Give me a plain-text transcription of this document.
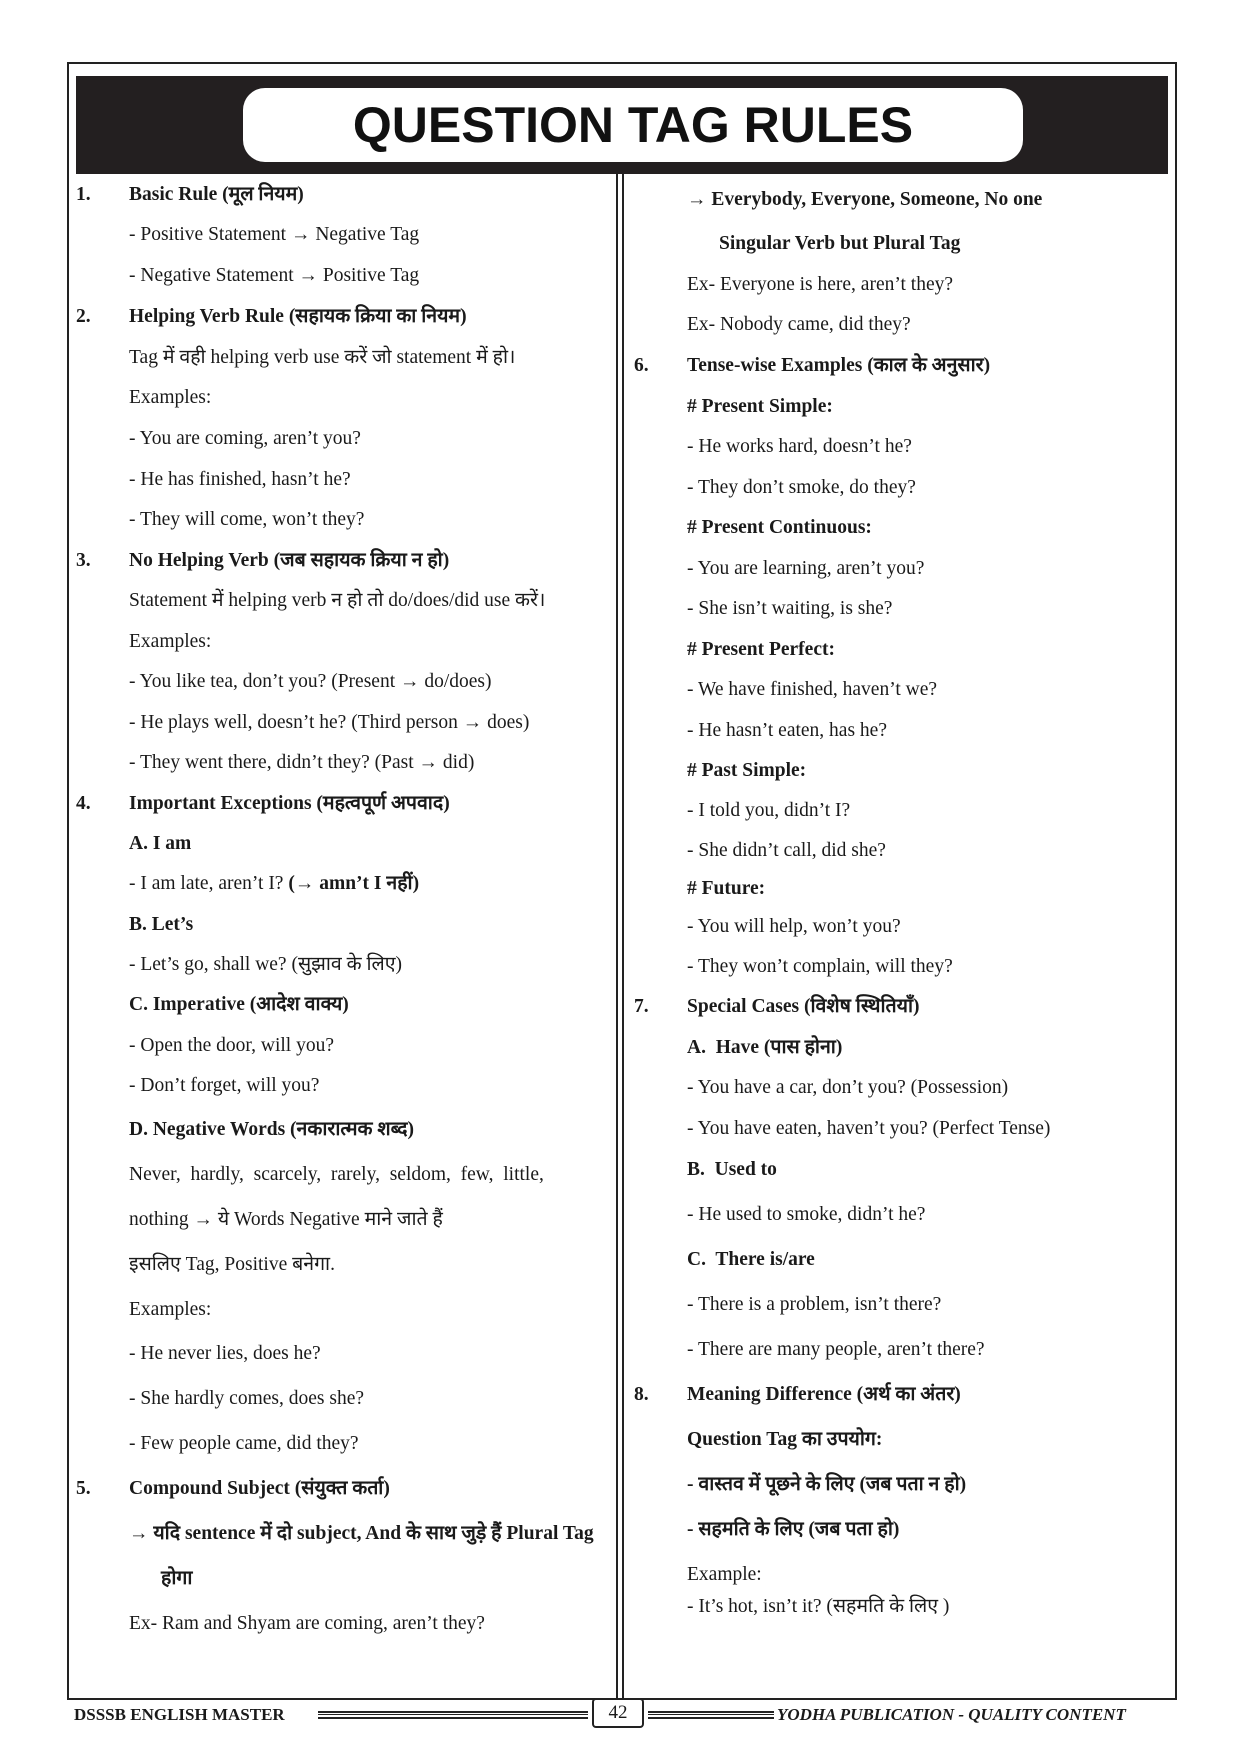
QUESTION TAG RULES
1. Basic Rule (मूल नियम)
- Positive Statement → Negative Tag
- Negative Statement → Positive Tag
2. Helping Verb Rule (सहायक क्रिया का नियम)
Tag में वही helping verb use करें जो statement में हो।
Examples:
- You are coming, aren’t you?
- He has finished, hasn’t he?
- They will come, won’t they?
3. No Helping Verb (जब सहायक क्रिया न हो)
Statement में helping verb न हो तो do/does/did use करें।
Examples:
- You like tea, don’t you? (Present → do/does)
- He plays well, doesn’t he? (Third person → does)
- They went there, didn’t they? (Past → did)
4. Important Exceptions (महत्वपूर्ण अपवाद)
A. I am
- I am late, aren’t I? (→ amn’t I नहीं)
B. Let’s
- Let’s go, shall we? (सुझाव के लिए)
C. Imperative (आदेश वाक्य)
- Open the door, will you?
- Don’t forget, will you?
D. Negative Words (नकारात्मक शब्द)
Never,  hardly,  scarcely,  rarely,  seldom,  few,  little,
nothing → ये Words Negative माने जाते हैं
इसलिए Tag, Positive बनेगा.
Examples:
- He never lies, does he?
- She hardly comes, does she?
- Few people came, did they?
5. Compound Subject (संयुक्त कर्ता)
→ यदि sentence में दो subject, And के साथ जुड़े हैं Plural Tag
होगा
Ex- Ram and Shyam are coming, aren’t they?
→ Everybody, Everyone, Someone, No one
Singular Verb but Plural Tag
Ex- Everyone is here, aren’t they?
Ex- Nobody came, did they?
6. Tense-wise Examples (काल के अनुसार)
# Present Simple:
- He works hard, doesn’t he?
- They don’t smoke, do they?
# Present Continuous:
- You are learning, aren’t you?
- She isn’t waiting, is she?
# Present Perfect:
- We have finished, haven’t we?
- He hasn’t eaten, has he?
# Past Simple:
- I told you, didn’t I?
- She didn’t call, did she?
# Future:
- You will help, won’t you?
- They won’t complain, will they?
7. Special Cases (विशेष स्थितियाँ)
A.  Have (पास होना)
- You have a car, don’t you? (Possession)
- You have eaten, haven’t you? (Perfect Tense)
B.  Used to
- He used to smoke, didn’t he?
C.  There is/are
- There is a problem, isn’t there?
- There are many people, aren’t there?
8. Meaning Difference (अर्थ का अंतर)
Question Tag का उपयोग:
- वास्तव में पूछने के लिए (जब पता न हो)
- सहमति के लिए (जब पता हो)
Example:
- It’s hot, isn’t it? (सहमति के लिए )
DSSSB ENGLISH MASTER	42	YODHA PUBLICATION - QUALITY CONTENT
